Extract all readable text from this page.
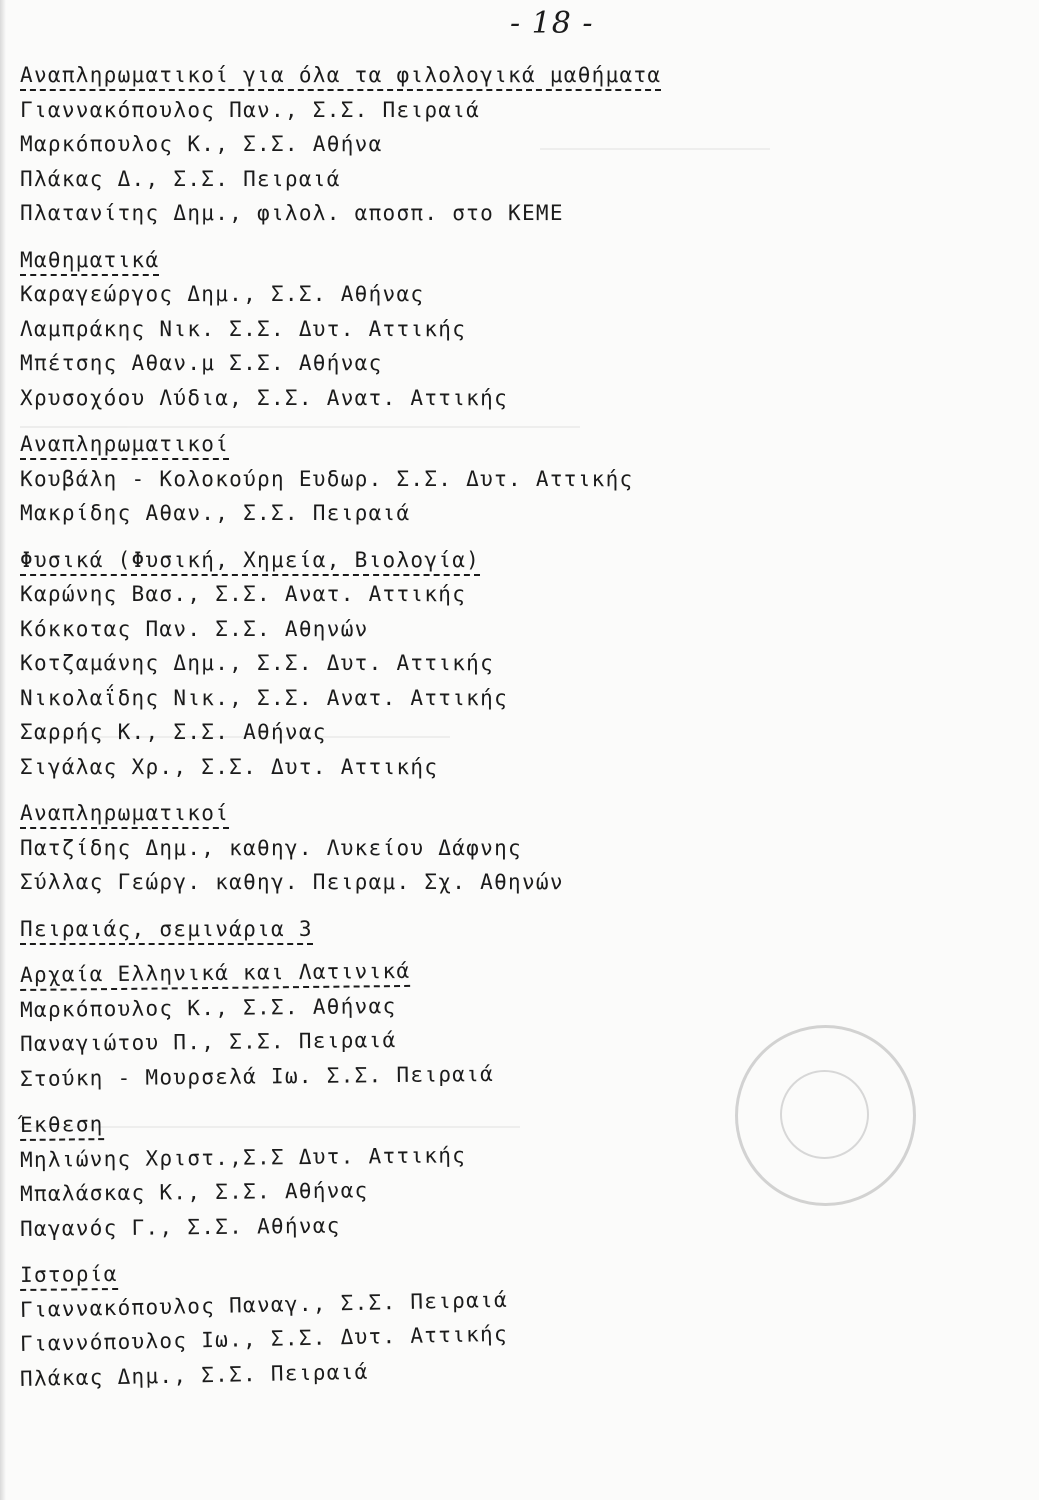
- 18 -
Αναπληρωματικοί για όλα τα φιλολογικά μαθήματα
Γιαννακόπουλος Παν., Σ.Σ. Πειραιά
Μαρκόπουλος Κ., Σ.Σ. Αθήνα
Πλάκας Δ., Σ.Σ. Πειραιά
Πλατανίτης Δημ., φιλολ. αποσπ. στο ΚΕΜΕ
Μαθηματικά
Καραγεώργος Δημ., Σ.Σ. Αθήνας
Λαμπράκης Νικ. Σ.Σ. Δυτ. Αττικής
Μπέτσης Αθαν.μ Σ.Σ. Αθήνας
Χρυσοχόου Λύδια, Σ.Σ. Ανατ. Αττικής
Αναπληρωματικοί
Κουβάλη - Κολοκούρη Ευδωρ. Σ.Σ. Δυτ. Αττικής
Μακρίδης Αθαν., Σ.Σ. Πειραιά
Φυσικά (Φυσική, Χημεία, Βιολογία)
Καρώνης Βασ., Σ.Σ. Ανατ. Αττικής
Κόκκοτας Παν. Σ.Σ. Αθηνών
Κοτζαμάνης Δημ., Σ.Σ. Δυτ. Αττικής
Νικολαΐδης Νικ., Σ.Σ. Ανατ. Αττικής
Σαρρής Κ., Σ.Σ. Αθήνας
Σιγάλας Χρ., Σ.Σ. Δυτ. Αττικής
Αναπληρωματικοί
Πατζίδης Δημ., καθηγ. Λυκείου Δάφνης
Σύλλας Γεώργ. καθηγ. Πειραμ. Σχ. Αθηνών
Πειραιάς, σεμινάρια 3
Αρχαία Ελληνικά και Λατινικά
Μαρκόπουλος Κ., Σ.Σ. Αθήνας
Παναγιώτου Π., Σ.Σ. Πειραιά
Στούκη - Μουρσελά Ιω. Σ.Σ. Πειραιά
Έκθεση
Μηλιώνης Χριστ.,Σ.Σ Δυτ. Αττικής
Μπαλάσκας Κ., Σ.Σ. Αθήνας
Παγανός Γ., Σ.Σ. Αθήνας
Ιστορία
Γιαννακόπουλος Παναγ., Σ.Σ. Πειραιά
Γιαννόπουλος Ιω., Σ.Σ. Δυτ. Αττικής
Πλάκας Δημ., Σ.Σ. Πειραιά
